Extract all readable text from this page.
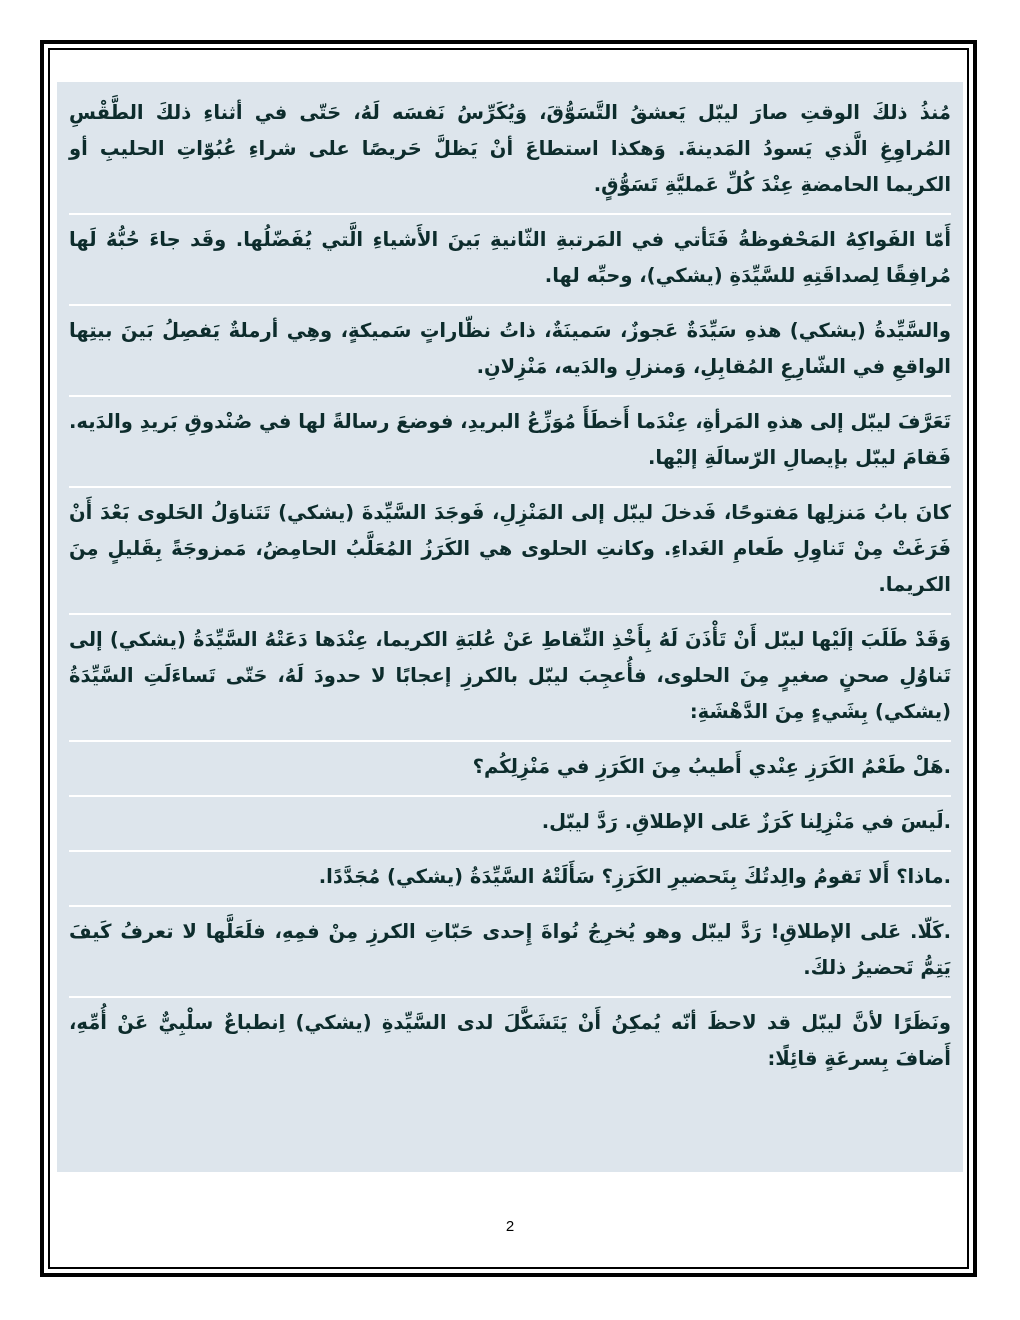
مُنذُ ذلكَ الوقتِ صارَ ليبّل يَعشقُ التَّسَوُّقَ، وَيُكَرِّسُ نَفسَه لَهُ، حَتّى في أثناءِ ذلكَ الطَّقْسِ المُراوِغِ الَّذي يَسودُ المَدينةَ. وَهكذا استطاعَ أنْ يَظلَّ حَريصًا على شراءِ عُبُوّاتِ الحليبِ أو الكريما الحامضةِ عِنْدَ كُلِّ عَمليَّةِ تَسَوُّقٍ.

أَمّا الفَواكِهُ المَحْفوظةُ فَتَأتي في المَرتبةِ الثّانيةِ بَينَ الأَشياءِ الَّتي يُفَضّلُها. وقَد جاءَ حُبُّهُ لَها مُرافِقًا لِصداقَتِهِ للسَّيِّدَةِ (يشكي)، وحبِّه لها.

والسَّيِّدةُ (يشكي) هذهِ سَيِّدَةٌ عَجوزٌ، سَمينَةٌ، ذاتُ نظّاراتٍ سَميكةٍ، وهِي أرملةٌ يَفصِلُ بَينَ بيتِها الواقعِ في الشّارِعِ المُقابِلِ، وَمنزلِ والدَيه، مَنْزِلانِ.

تَعَرَّفَ ليبّل إلى هذهِ المَرأةِ، عِنْدَما أَخطَأَ مُوَزِّعُ البريدِ، فوضعَ رسالةً لها في صُنْدوقِ بَريدِ والدَيه. فَقامَ ليبّل بإيصالِ الرّسالَةِ إليْها.

كانَ بابُ مَنزلِها مَفتوحًا، فَدخلَ ليبّل إلى المَنْزِلِ، فَوجَدَ السَّيِّدةَ (يشكي) تَتَناوَلُ الحَلوى بَعْدَ أَنْ فَرَغَتْ مِنْ تَناوِلِ طَعامِ الغَداءِ. وكانتِ الحلوى هي الكَرَزُ المُعَلَّبُ الحامِضُ، مَمزوجَةً بِقَليلٍ مِنَ الكريما.

وَقَدْ طَلَبَ إلَيْها ليبّل أَنْ تَأْذَنَ لَهُ بِأَخْذِ النِّقاطِ عَنْ عُلبَةِ الكريما، عِنْدَها دَعَتْهُ السَّيِّدَةُ (يشكي) إلى تَناوُلِ صحنٍ صغيرٍ مِنَ الحلوى، فأُعجِبَ ليبّل بالكرزِ إعجابًا لا حدودَ لَهُ، حَتّى تَساءَلَتِ السَّيِّدَةُ (يشكي) بِشَيءٍ مِنَ الدَّهْشَةِ:

.هَلْ طَعْمُ الكَرَزِ عِنْدي أَطيبُ مِنَ الكَرَزِ في مَنْزِلِكُم؟

.لَيسَ في مَنْزِلِنا كَرَزٌ عَلى الإطلاقِ. رَدَّ ليبّل.

.ماذا؟ أَلا تَقومُ والِدتُكَ بِتَحضيرِ الكَرَزِ؟ سَأَلَتْهُ السَّيِّدَةُ (يشكي) مُجَدَّدًا.

.كَلّا. عَلى الإطلاقِ! رَدَّ ليبّل وهو يُخرِجُ نُواةَ إِحدى حَبّاتِ الكرزِ مِنْ فمِهِ، فلَعَلَّها لا تعرفُ كَيفَ يَتِمُّ تَحضيرُ ذلكَ.

ونَظَرًا لأنَّ ليبّل قد لاحظَ أنّه يُمكِنُ أَنْ يَتَشَكَّلَ لدى السَّيِّدةِ (يشكي) اِنطباعٌ سلْبِيٌّ عَنْ أُمِّهِ، أَضافَ بِسرعَةٍ قائِلًا:

2
